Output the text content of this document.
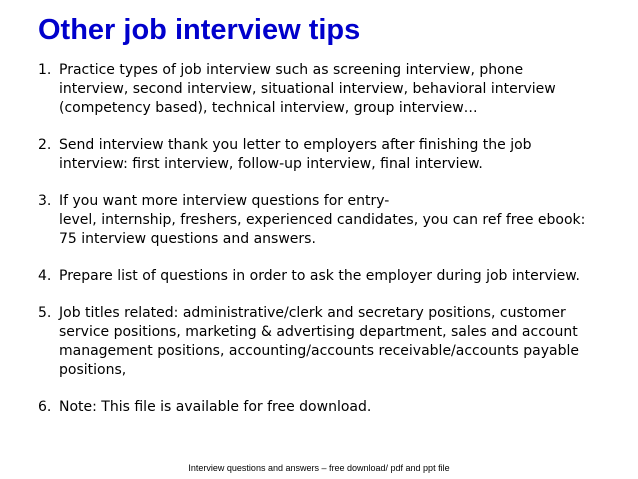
Other job interview tips
1. Practice types of job interview such as screening interview, phone
interview, second interview, situational interview, behavioral interview
(competency based), technical interview, group interview…
2. Send interview thank you letter to employers after finishing the job
interview: first interview, follow-up interview, final interview.
3. If you want more interview questions for entry-
level, internship, freshers, experienced candidates, you can ref free ebook:
75 interview questions and answers.
4. Prepare list of questions in order to ask the employer during job interview.
5. Job titles related: administrative/clerk and secretary positions, customer
service positions, marketing & advertising department, sales and account
management positions, accounting/accounts receivable/accounts payable
positions,
6. Note: This file is available for free download.
Interview questions and answers – free download/ pdf and ppt file
